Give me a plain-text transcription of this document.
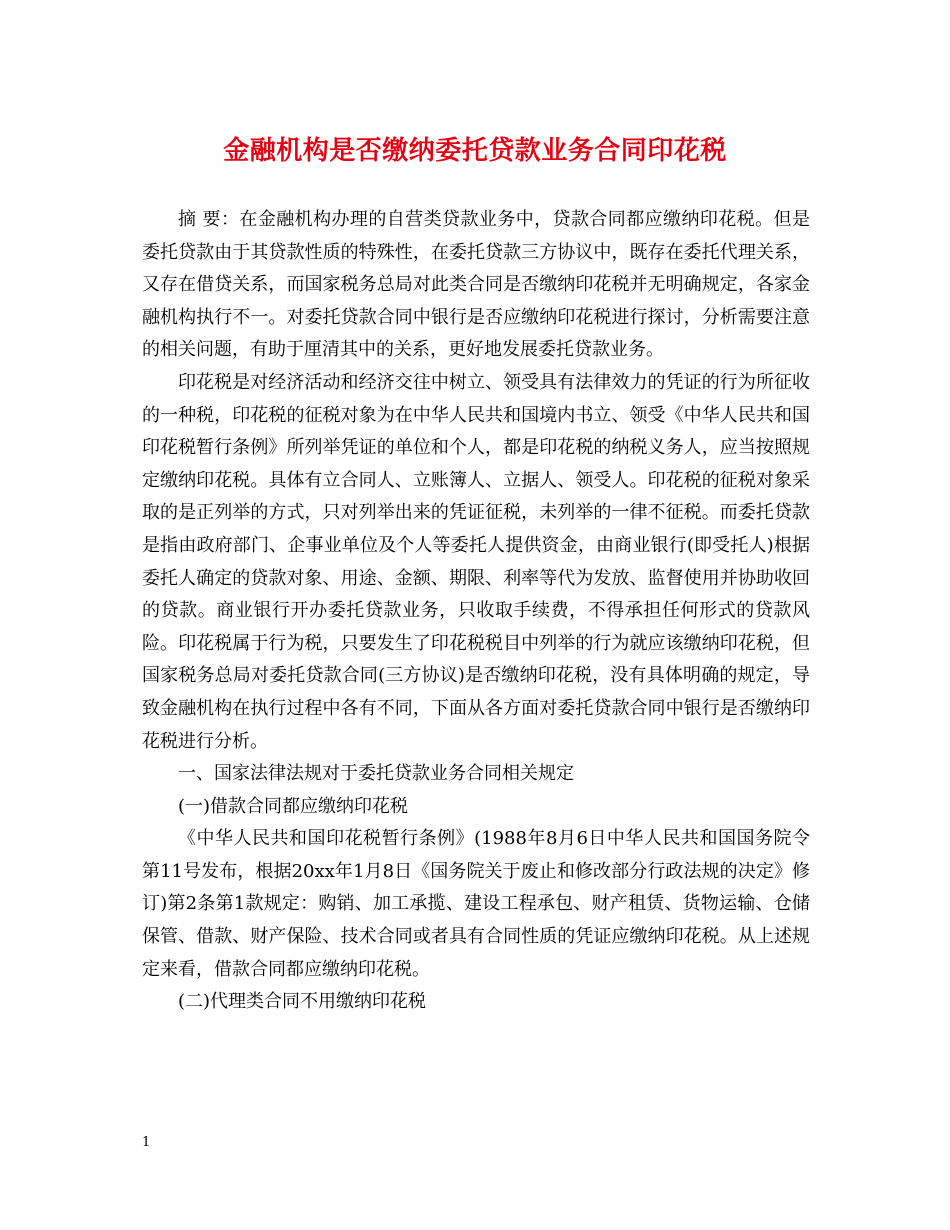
金融机构是否缴纳委托贷款业务合同印花税

摘 要：在金融机构办理的自营类贷款业务中，贷款合同都应缴纳印花税。但是委托贷款由于其贷款性质的特殊性，在委托贷款三方协议中，既存在委托代理关系，又存在借贷关系，而国家税务总局对此类合同是否缴纳印花税并无明确规定，各家金融机构执行不一。对委托贷款合同中银行是否应缴纳印花税进行探讨，分析需要注意的相关问题，有助于厘清其中的关系，更好地发展委托贷款业务。

印花税是对经济活动和经济交往中树立、领受具有法律效力的凭证的行为所征收的一种税，印花税的征税对象为在中华人民共和国境内书立、领受《中华人民共和国印花税暂行条例》所列举凭证的单位和个人，都是印花税的纳税义务人，应当按照规定缴纳印花税。具体有立合同人、立账簿人、立据人、领受人。印花税的征税对象采取的是正列举的方式，只对列举出来的凭证征税，未列举的一律不征税。而委托贷款是指由政府部门、企事业单位及个人等委托人提供资金，由商业银行(即受托人)根据委托人确定的贷款对象、用途、金额、期限、利率等代为发放、监督使用并协助收回的贷款。商业银行开办委托贷款业务，只收取手续费，不得承担任何形式的贷款风险。印花税属于行为税，只要发生了印花税税目中列举的行为就应该缴纳印花税，但国家税务总局对委托贷款合同(三方协议)是否缴纳印花税，没有具体明确的规定，导致金融机构在执行过程中各有不同，下面从各方面对委托贷款合同中银行是否缴纳印花税进行分析。

一、国家法律法规对于委托贷款业务合同相关规定

(一)借款合同都应缴纳印花税

《中华人民共和国印花税暂行条例》(1988年8月6日中华人民共和国国务院令第11号发布，根据20xx年1月8日《国务院关于废止和修改部分行政法规的决定》修订)第2条第1款规定：购销、加工承揽、建设工程承包、财产租赁、货物运输、仓储保管、借款、财产保险、技术合同或者具有合同性质的凭证应缴纳印花税。从上述规定来看，借款合同都应缴纳印花税。

(二)代理类合同不用缴纳印花税

1
